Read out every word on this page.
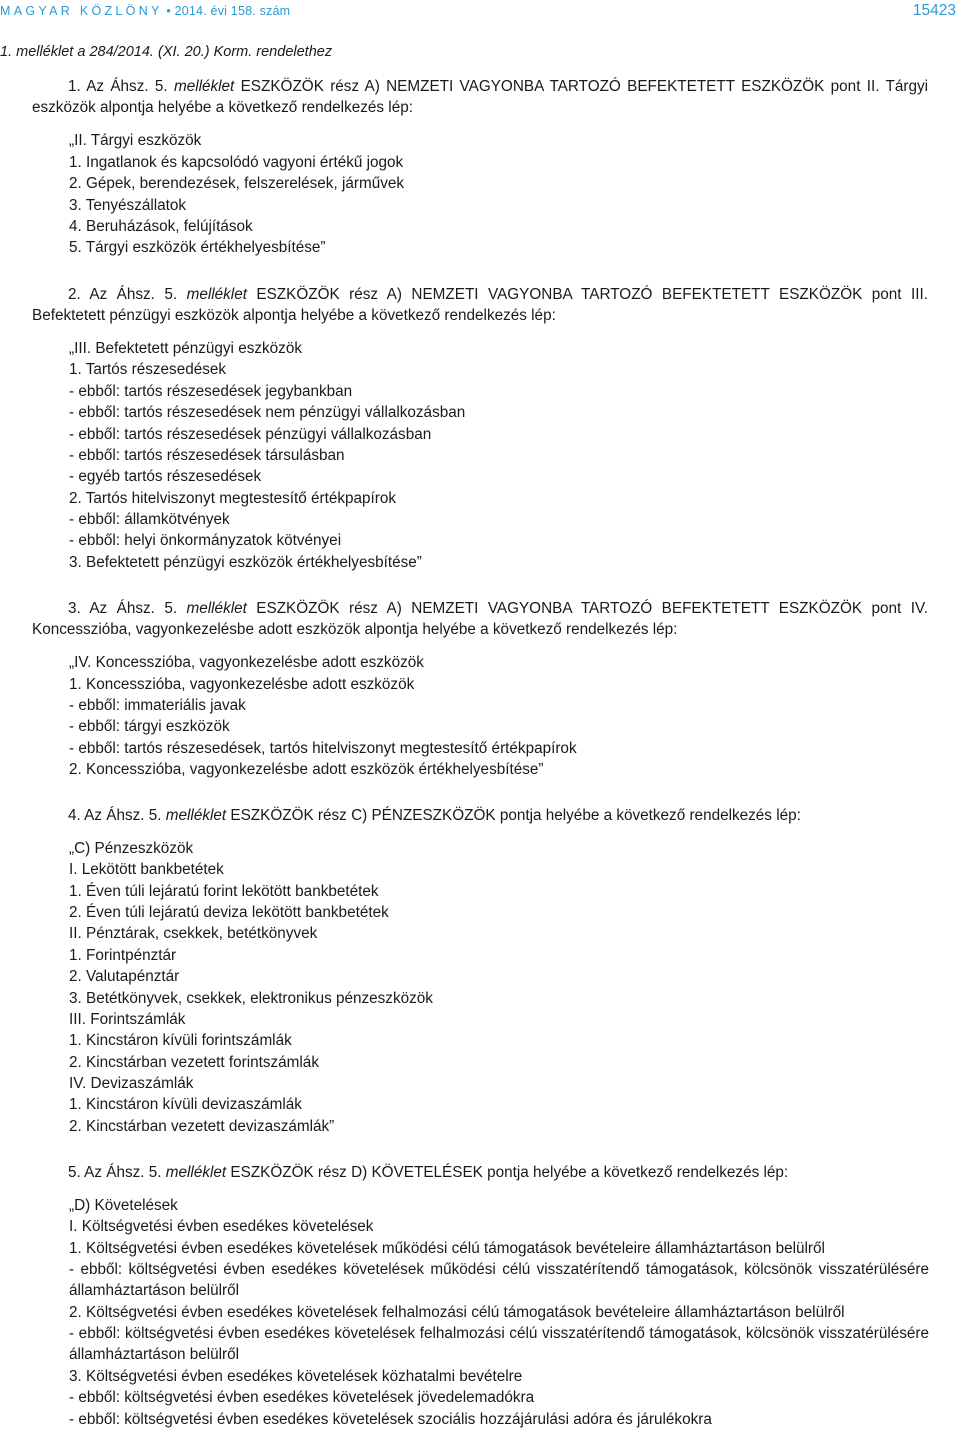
MAGYAR KÖZLÖNY • 2014. évi 158. szám	15423
1. melléklet a 284/2014. (XI. 20.) Korm. rendelethez
1. Az Áhsz. 5. melléklet ESZKÖZÖK rész A) NEMZETI VAGYONBA TARTOZÓ BEFEKTETETT ESZKÖZÖK pont II. Tárgyi eszközök alpontja helyébe a következő rendelkezés lép:
„II. Tárgyi eszközök
1. Ingatlanok és kapcsolódó vagyoni értékű jogok
2. Gépek, berendezések, felszerelések, járművek
3. Tenyészállatok
4. Beruházások, felújítások
5. Tárgyi eszközök értékhelyesbítése”
2. Az Áhsz. 5. melléklet ESZKÖZÖK rész A) NEMZETI VAGYONBA TARTOZÓ BEFEKTETETT ESZKÖZÖK pont III. Befektetett pénzügyi eszközök alpontja helyébe a következő rendelkezés lép:
„III. Befektetett pénzügyi eszközök
1. Tartós részesedések
- ebből: tartós részesedések jegybankban
- ebből: tartós részesedések nem pénzügyi vállalkozásban
- ebből: tartós részesedések pénzügyi vállalkozásban
- ebből: tartós részesedések társulásban
- egyéb tartós részesedések
2. Tartós hitelviszonyt megtestesítő értékpapírok
- ebből: államkötvények
- ebből: helyi önkormányzatok kötvényei
3. Befektetett pénzügyi eszközök értékhelyesbítése”
3. Az Áhsz. 5. melléklet ESZKÖZÖK rész A) NEMZETI VAGYONBA TARTOZÓ BEFEKTETETT ESZKÖZÖK pont IV. Koncesszióba, vagyonkezelésbe adott eszközök alpontja helyébe a következő rendelkezés lép:
„IV. Koncesszióba, vagyonkezelésbe adott eszközök
1. Koncesszióba, vagyonkezelésbe adott eszközök
- ebből: immateriális javak
- ebből: tárgyi eszközök
- ebből: tartós részesedések, tartós hitelviszonyt megtestesítő értékpapírok
2. Koncesszióba, vagyonkezelésbe adott eszközök értékhelyesbítése”
4. Az Áhsz. 5. melléklet ESZKÖZÖK rész C) PÉNZESZKÖZÖK pontja helyébe a következő rendelkezés lép:
„C) Pénzeszközök
I. Lekötött bankbetétek
1. Éven túli lejáratú forint lekötött bankbetétek
2. Éven túli lejáratú deviza lekötött bankbetétek
II. Pénztárak, csekkek, betétkönyvek
1. Forintpénztár
2. Valutapénztár
3. Betétkönyvek, csekkek, elektronikus pénzeszközök
III. Forintszámlák
1. Kincstáron kívüli forintszámlák
2. Kincstárban vezetett forintszámlák
IV. Devizaszámlák
1. Kincstáron kívüli devizaszámlák
2. Kincstárban vezetett devizaszámlák”
5. Az Áhsz. 5. melléklet ESZKÖZÖK rész D) KÖVETELÉSEK pontja helyébe a következő rendelkezés lép:
„D) Követelések
I. Költségvetési évben esedékes követelések
1. Költségvetési évben esedékes követelések működési célú támogatások bevételeire államháztartáson belülről
- ebből: költségvetési évben esedékes követelések működési célú visszatérítendő támogatások, kölcsönök visszatérülésére államháztartáson belülről
2. Költségvetési évben esedékes követelések felhalmozási célú támogatások bevételeire államháztartáson belülről
- ebből: költségvetési évben esedékes követelések felhalmozási célú visszatérítendő támogatások, kölcsönök visszatérülésére államháztartáson belülről
3. Költségvetési évben esedékes követelések közhatalmi bevételre
- ebből: költségvetési évben esedékes követelések jövedelemadókra
- ebből: költségvetési évben esedékes követelések szociális hozzájárulási adóra és járulékokra
